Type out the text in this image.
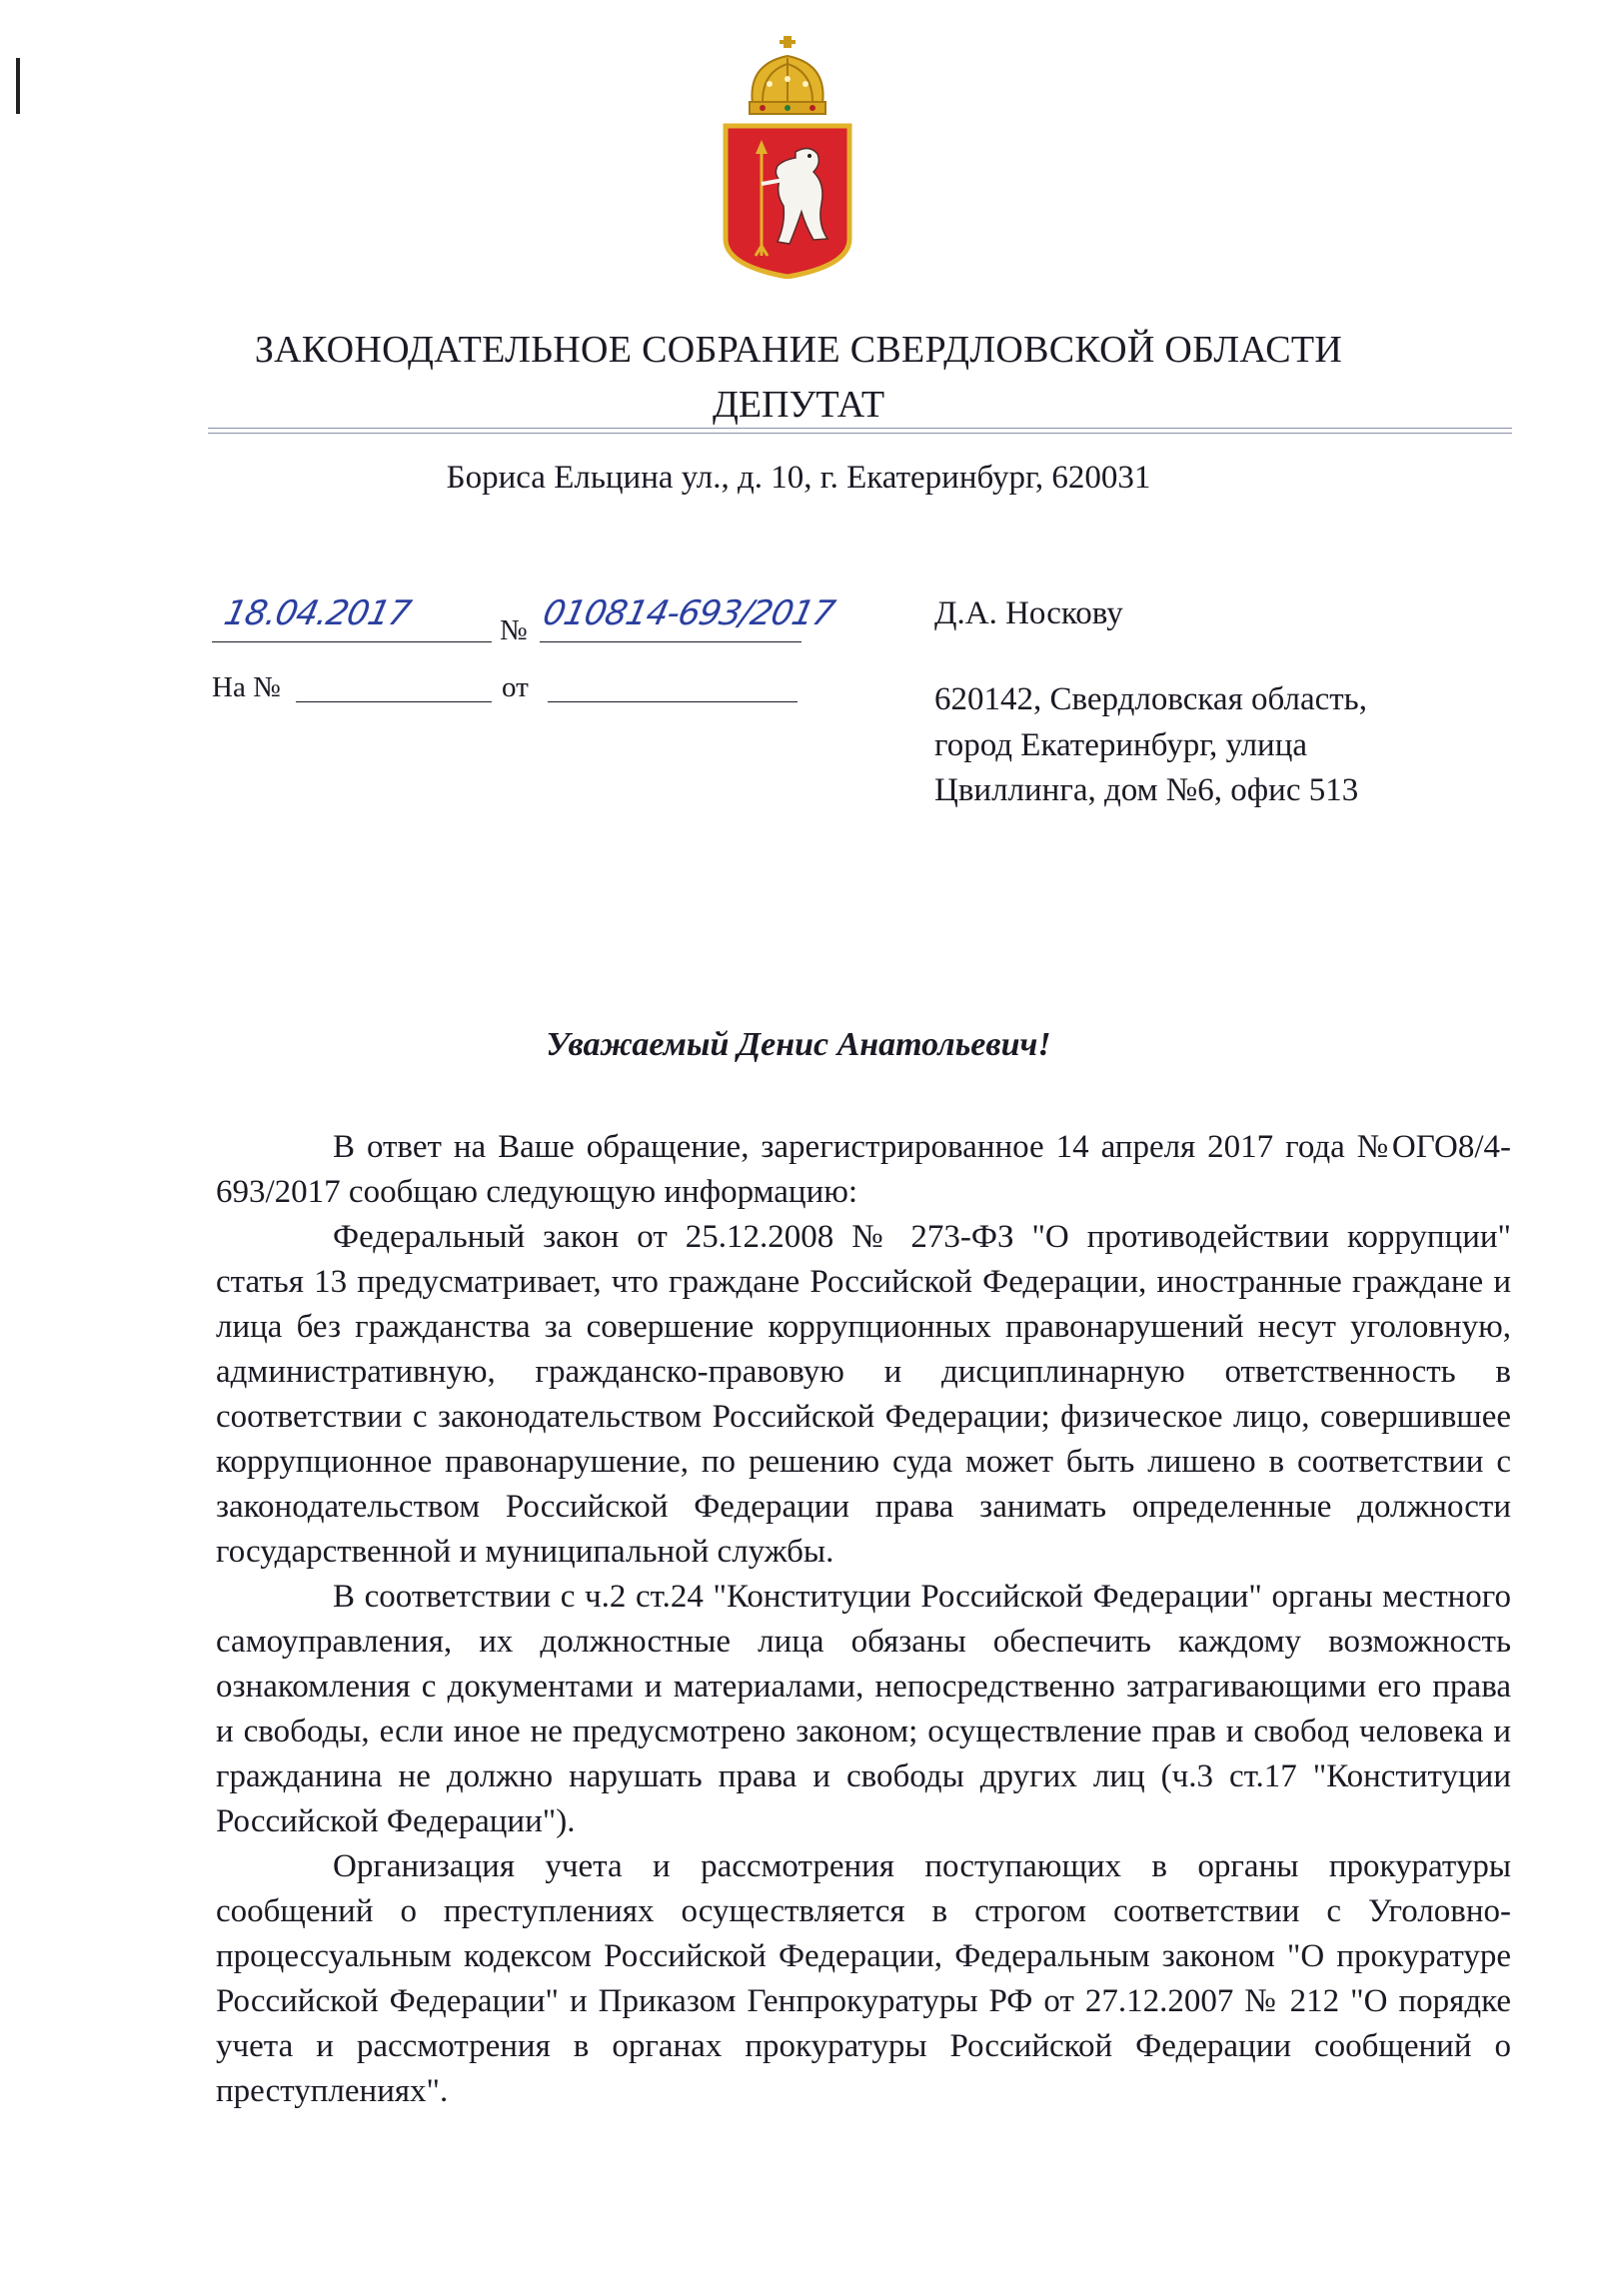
ЗАКОНОДАТЕЛЬНОЕ СОБРАНИЕ СВЕРДЛОВСКОЙ ОБЛАСТИ
ДЕПУТАТ
Бориса Ельцина ул., д. 10, г. Екатеринбург, 620031
18.04.2017	№ 010814-693/2017
На №	от
Д.А. Носкову
620142, Свердловская область,
город Екатеринбург, улица
Цвиллинга, дом №6, офис 513
Уважаемый Денис Анатольевич!

В ответ на Ваше обращение, зарегистрированное 14 апреля 2017 года №ОГО8/4-693/2017 сообщаю следующую информацию:

Федеральный закон от 25.12.2008 № 273-ФЗ "О противодействии коррупции" статья 13 предусматривает, что граждане Российской Федерации, иностранные граждане и лица без гражданства за совершение коррупционных правонарушений несут уголовную, административную, гражданско-правовую и дисциплинарную ответственность в соответствии с законодательством Российской Федерации; физическое лицо, совершившее коррупционное правонарушение, по решению суда может быть лишено в соответствии с законодательством Российской Федерации права занимать определенные должности государственной и муниципальной службы.

В соответствии с ч.2 ст.24 "Конституции Российской Федерации" органы местного самоуправления, их должностные лица обязаны обеспечить каждому возможность ознакомления с документами и материалами, непосредственно затрагивающими его права и свободы, если иное не предусмотрено законом; осуществление прав и свобод человека и гражданина не должно нарушать права и свободы других лиц (ч.3 ст.17 "Конституции Российской Федерации").

Организация учета и рассмотрения поступающих в органы прокуратуры сообщений о преступлениях осуществляется в строгом соответствии с Уголовно-процессуальным кодексом Российской Федерации, Федеральным законом "О прокуратуре Российской Федерации" и Приказом Генпрокуратуры РФ от 27.12.2007 № 212 "О порядке учета и рассмотрения в органах прокуратуры Российской Федерации сообщений о преступлениях".
